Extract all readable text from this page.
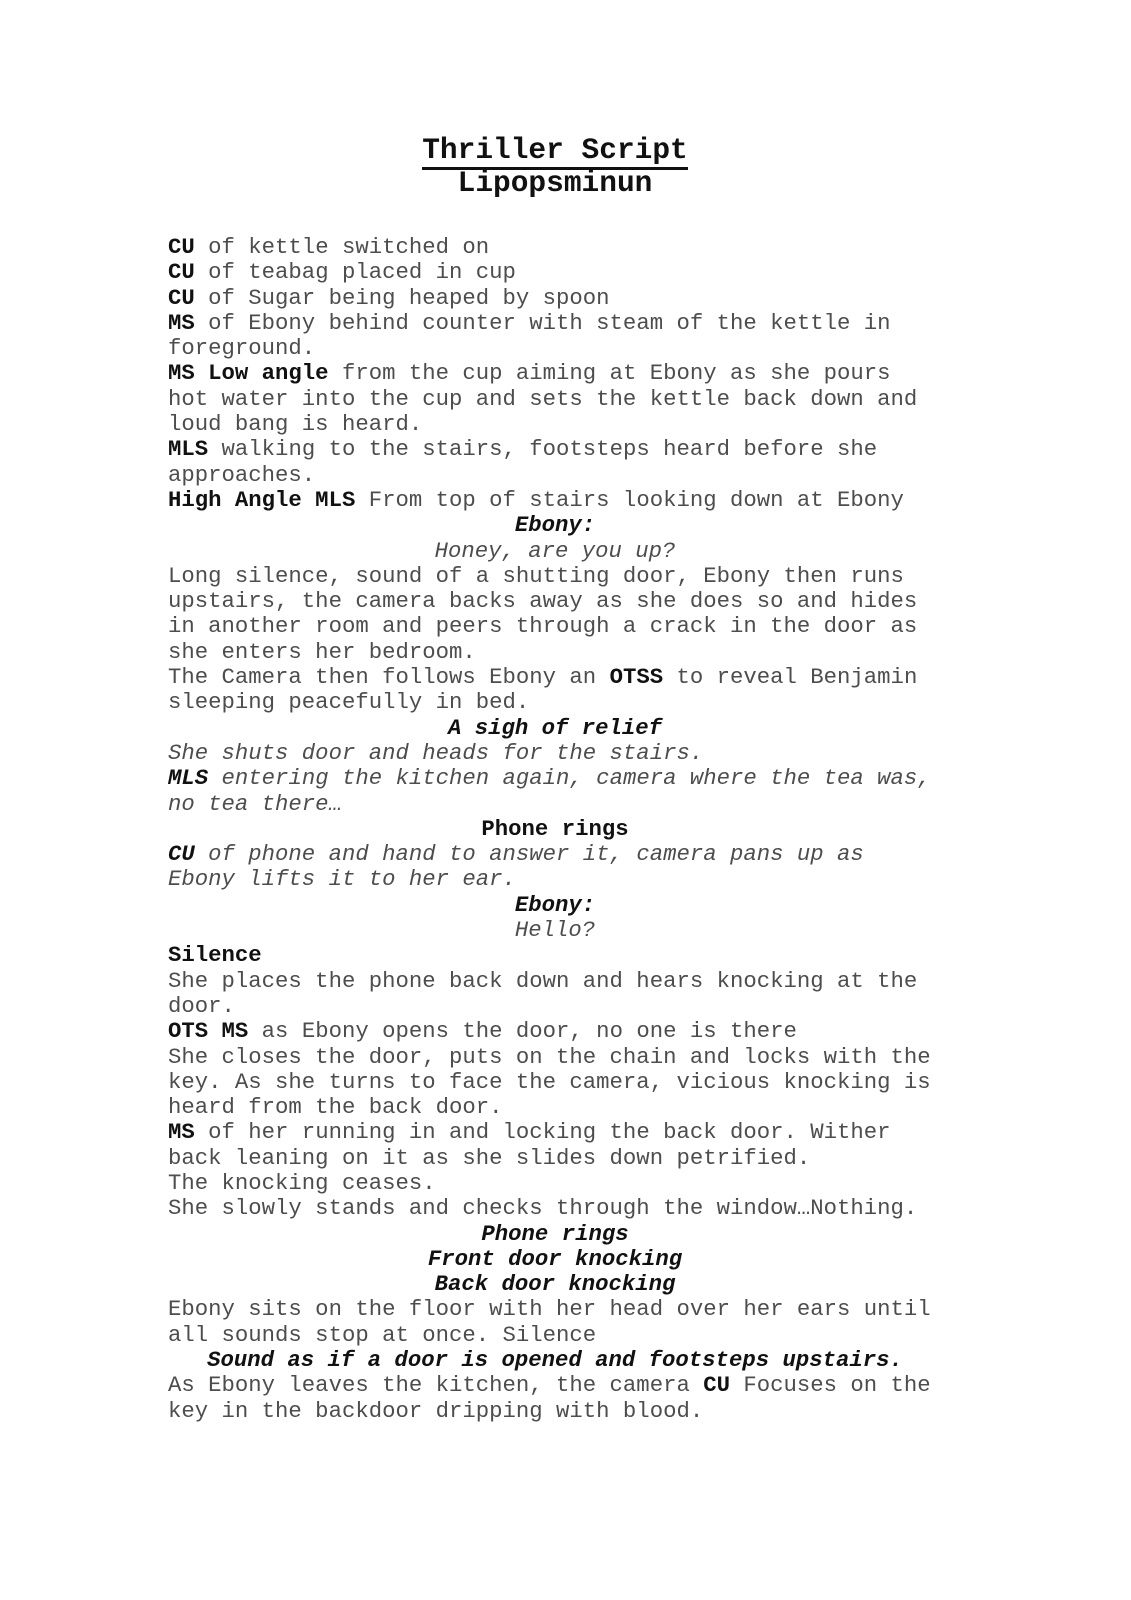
Thriller Script
Lipopsminun
CU of kettle switched on
CU of teabag placed in cup
CU of Sugar being heaped by spoon
MS of Ebony behind counter with steam of the kettle in
foreground.
MS Low angle from the cup aiming at Ebony as she pours
hot water into the cup and sets the kettle back down and
loud bang is heard.
MLS walking to the stairs, footsteps heard before she
approaches.
High Angle MLS From top of stairs looking down at Ebony
Ebony:
Honey, are you up?
Long silence, sound of a shutting door, Ebony then runs
upstairs, the camera backs away as she does so and hides
in another room and peers through a crack in the door as
she enters her bedroom.
The Camera then follows Ebony an OTSS to reveal Benjamin
sleeping peacefully in bed.
A sigh of relief
She shuts door and heads for the stairs.
MLS entering the kitchen again, camera where the tea was,
no tea there…
Phone rings
CU of phone and hand to answer it, camera pans up as
Ebony lifts it to her ear.
Ebony:
Hello?
Silence
She places the phone back down and hears knocking at the
door.
OTS MS as Ebony opens the door, no one is there
She closes the door, puts on the chain and locks with the
key. As she turns to face the camera, vicious knocking is
heard from the back door.
MS of her running in and locking the back door. Wither
back leaning on it as she slides down petrified.
The knocking ceases.
She slowly stands and checks through the window…Nothing.
Phone rings
Front door knocking
Back door knocking
Ebony sits on the floor with her head over her ears until
all sounds stop at once. Silence
Sound as if a door is opened and footsteps upstairs.
As Ebony leaves the kitchen, the camera CU Focuses on the
key in the backdoor dripping with blood.
